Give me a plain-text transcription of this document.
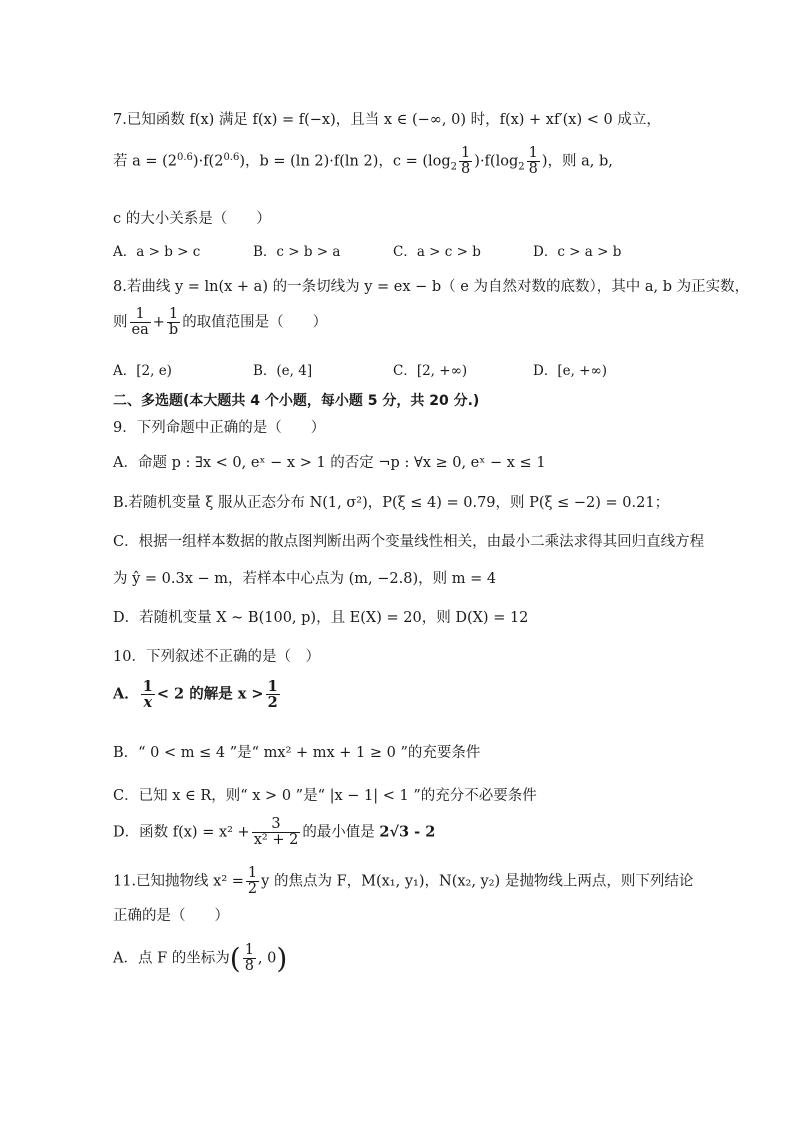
7.已知函数 f(x) 满足 f(x) = f(−x)，且当 x ∈ (−∞, 0) 时，f(x) + xf′(x) < 0 成立，
若 $a = (2^{0.6})\cdot f(2^{0.6})$，b = (ln 2)·f(ln 2)，$c = (\log_2 \frac{1}{8} )\cdot f(\log_2 \frac{1}{8}$ )，则 a, b,
c 的大小关系是（　　）
A．a > b > c	B．c > b > a	C．a > c > b	D．c > a > b
8.若曲线 y = ln(x + a) 的一条切线为 y = ex − b（ e 为自然对数的底数），其中 a, b 为正实数，
则 $\frac{1}{ea} + \frac{1}{b}$ 的取值范围是（　　）
A．[2, e)	B．(e, 4]	C．[2, +∞)	D．[e, +∞)
二、多选题(本大题共 4 个小题，每小题 5 分，共 20 分.)
9．下列命题中正确的是（　　）
A．命题 p : ∃x < 0, eˣ − x > 1 的否定 ¬p : ∀x ≥ 0, eˣ − x ≤ 1
B.若随机变量 ξ 服从正态分布 N(1, σ²)，P(ξ ≤ 4) = 0.79，则 P(ξ ≤ −2) = 0.21；
C．根据一组样本数据的散点图判断出两个变量线性相关，由最小二乘法求得其回归直线方程
为 ŷ = 0.3x − m，若样本中心点为 (m, −2.8)，则 m = 4
D．若随机变量 X ~ B(100, p)，且 E(X) = 20，则 D(X) = 12
10．下列叙述不正确的是（　）
A． $\frac{1}{x} < 2$ 的解是 $x > \frac{1}{2}$
B．“ 0 < m ≤ 4 ”是“ mx² + mx + 1 ≥ 0 ”的充要条件
C．已知 x ∈ R，则“ x > 0 ”是“ |x − 1| < 1 ”的充分不必要条件
D．函数 $f(x) = x^2 + \frac{3}{\text{x² + 2}}$ 的最小值是 2√3 - 2
11.已知抛物线 $x^2 = \frac{1}{2}$ y 的焦点为 F，M(x₁, y₁)，N(x₂, y₂) 是抛物线上两点，则下列结论
正确的是（　　）
A．点 F 的坐标为( $\frac{1}{8}$ , 0)
